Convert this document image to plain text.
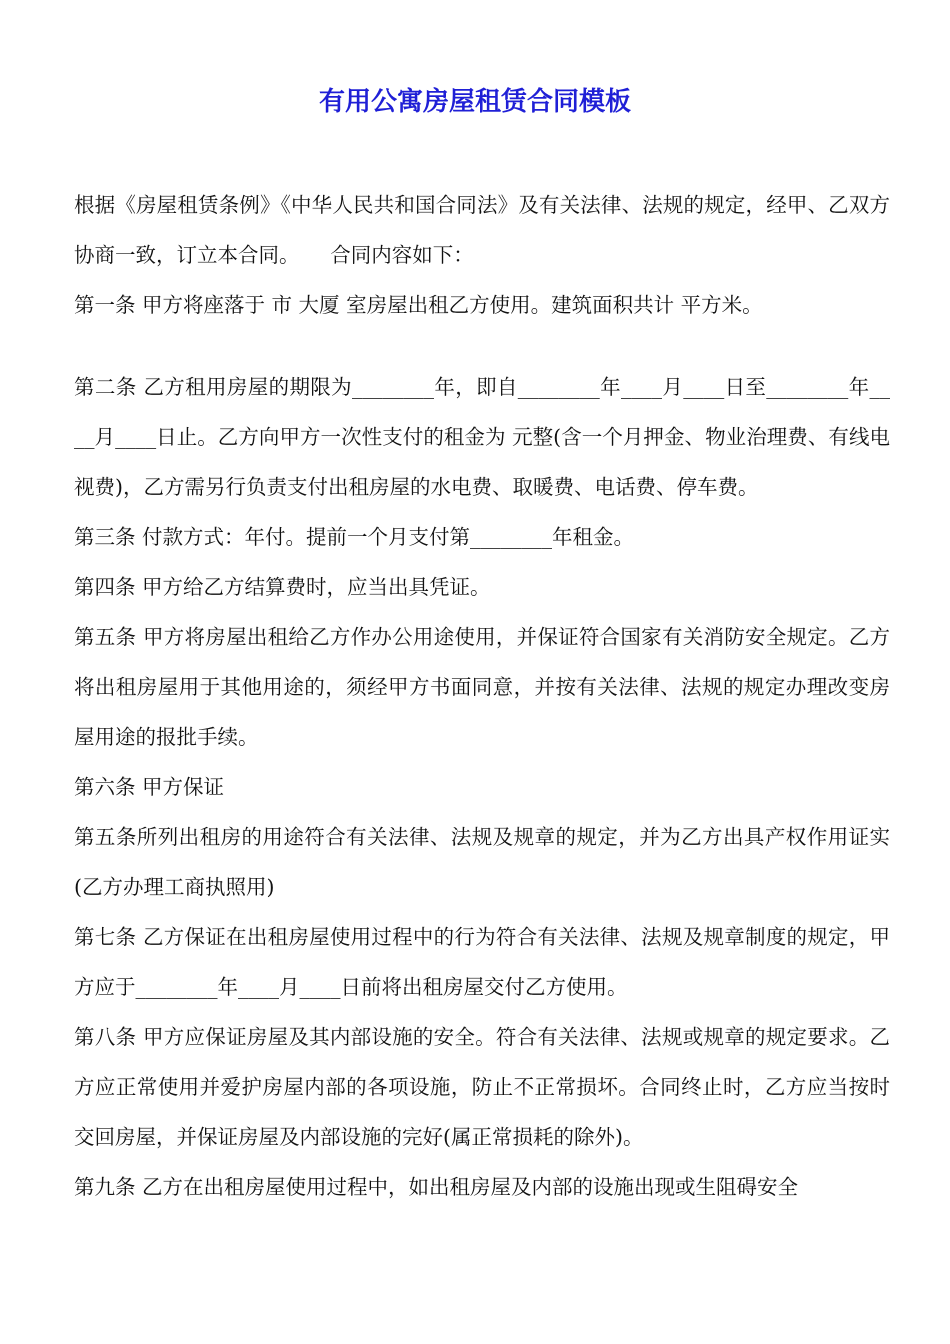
有用公寓房屋租赁合同模板

根据《房屋租赁条例》《中华人民共和国合同法》及有关法律、法规的规定，经甲、乙双方协商一致，订立本合同。　　合同内容如下：

第一条 甲方将座落于 市 大厦 室房屋出租乙方使用。建筑面积共计 平方米。

第二条 乙方租用房屋的期限为________年，即自________年____月____日至________年____月____日止。乙方向甲方一次性支付的租金为 元整(含一个月押金、物业治理费、有线电视费)，乙方需另行负责支付出租房屋的水电费、取暖费、电话费、停车费。

第三条 付款方式：年付。提前一个月支付第________年租金。

第四条 甲方给乙方结算费时，应当出具凭证。

第五条 甲方将房屋出租给乙方作办公用途使用，并保证符合国家有关消防安全规定。乙方将出租房屋用于其他用途的，须经甲方书面同意，并按有关法律、法规的规定办理改变房屋用途的报批手续。

第六条 甲方保证

第五条所列出租房的用途符合有关法律、法规及规章的规定，并为乙方出具产权作用证实(乙方办理工商执照用)

第七条 乙方保证在出租房屋使用过程中的行为符合有关法律、法规及规章制度的规定，甲方应于________年____月____日前将出租房屋交付乙方使用。

第八条 甲方应保证房屋及其内部设施的安全。符合有关法律、法规或规章的规定要求。乙方应正常使用并爱护房屋内部的各项设施，防止不正常损坏。合同终止时，乙方应当按时交回房屋，并保证房屋及内部设施的完好(属正常损耗的除外)。

第九条 乙方在出租房屋使用过程中，如出租房屋及内部的设施出现或生阻碍安全
